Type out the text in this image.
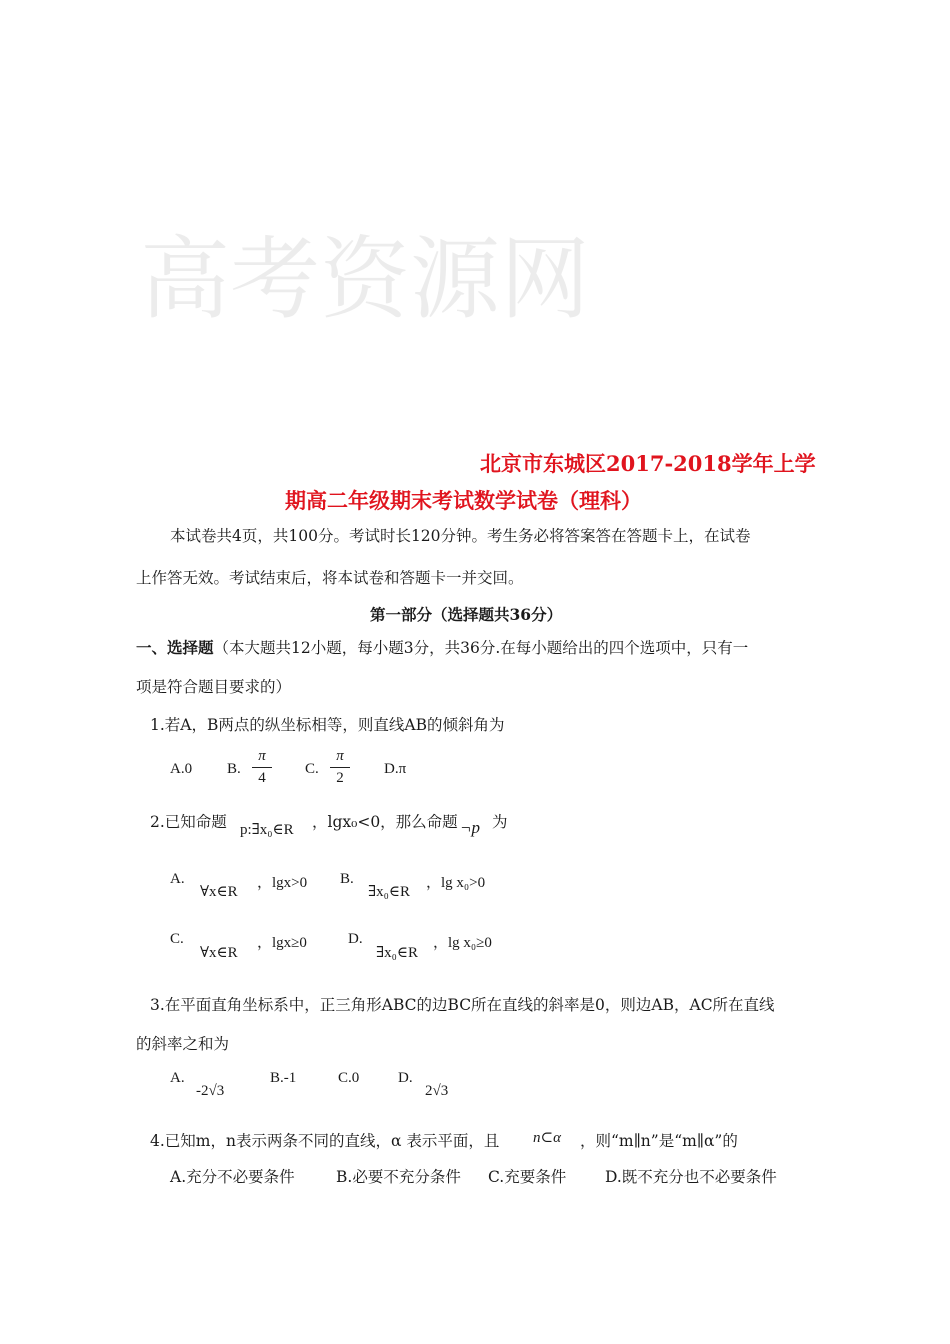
高考资源网
北京市东城区2017-2018学年上学
期高二年级期末考试数学试卷（理科）
本试卷共4页，共100分。考试时长120分钟。考生务必将答案答在答题卡上，在试卷
上作答无效。考试结束后，将本试卷和答题卡一并交回。
第一部分（选择题共36分）
一、选择题（本大题共12小题，每小题3分，共36分.在每小题给出的四个选项中，只有一
项是符合题目要求的）
1.若A，B两点的纵坐标相等，则直线AB的倾斜角为
A.0 B.
π
4
C.
π
2
D.π
2.已知命题 p:∃x₀∈R ，lgx₀<0，那么命题 ¬p 为
A.
∀x∈R
，lgx>0 B.
∃x₀∈R
，lg x₀>0
C.
∀x∈R
，lgx≥0	D.
∃x₀∈R
，lg x₀≥0
3.在平面直角坐标系中，正三角形ABC的边BC所在直线的斜率是0，则边AB，AC所在直线
的斜率之和为
A.
-2√3
B.-1	C.0	D.
2√3
4.已知m，n表示两条不同的直线，α 表示平面，且 n⊂α ，则“m∥n”是“m∥α”的
A.充分不必要条件	B.必要不充分条件 C.充要条件	D.既不充分也不必要条件
